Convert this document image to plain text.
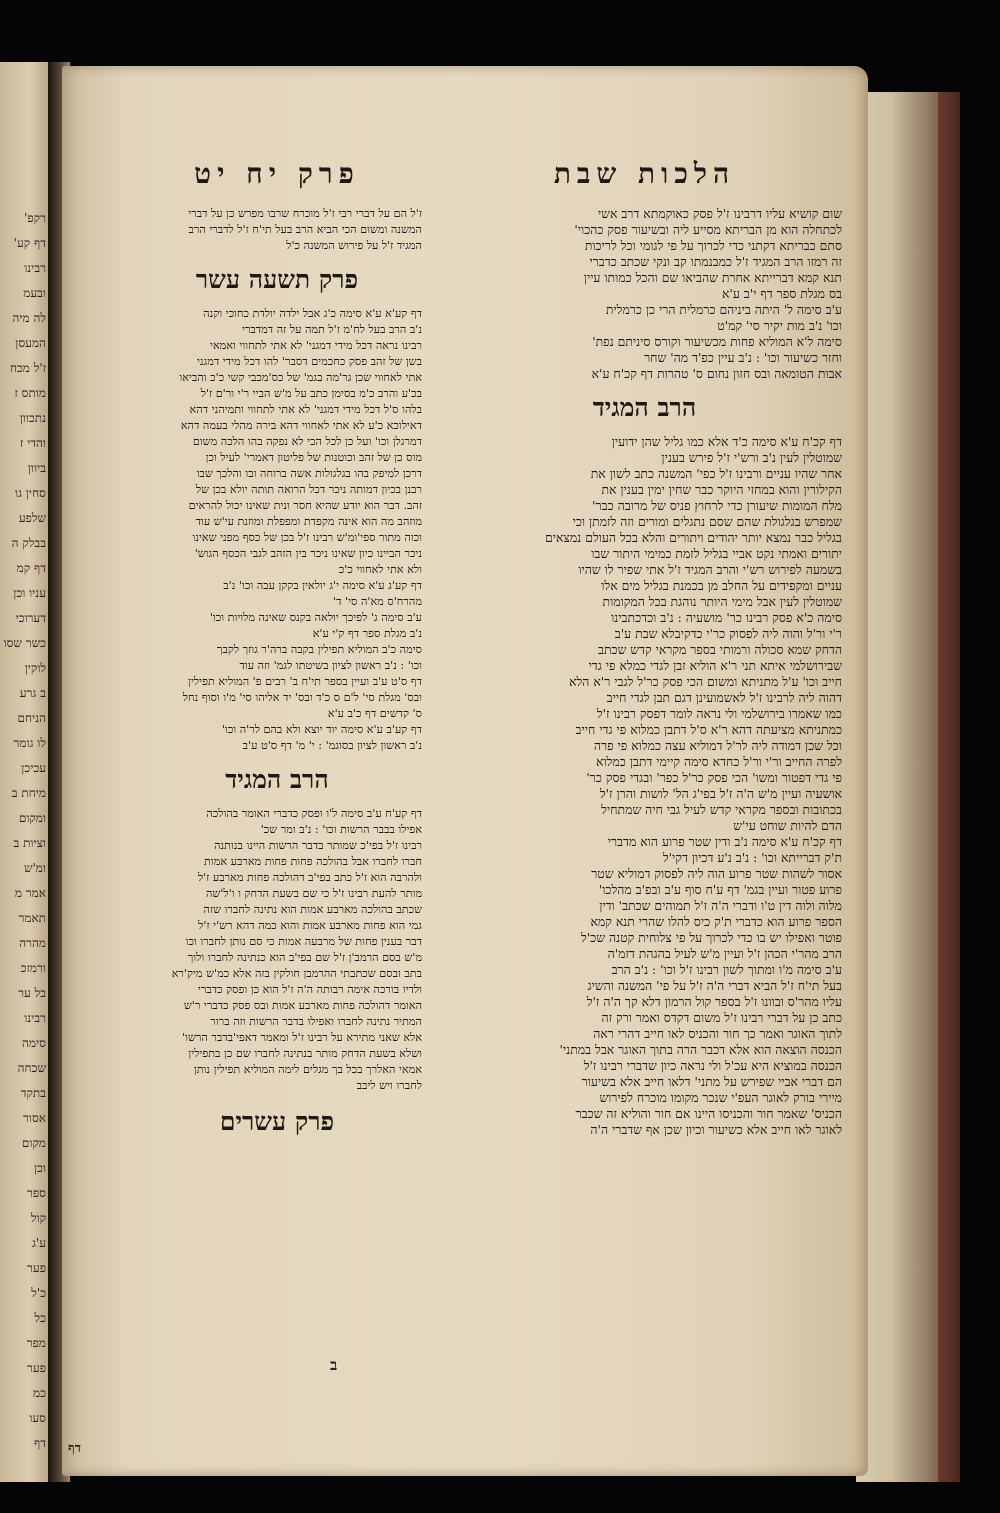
רקפ'
דף קע'
רבינו
ובעמ
לה מיה
המעסן
ז'ל מכח
מותס ז
נתכוון
והדי ז
ביוון
סחין גו
שלפע
בבלק ה
דף קמ
עניו וכן
דערוכי
כשר שסו
לוקין
ב גרע
הניחם
לו גומר
עכיכן
מיחת ב
ומקום
וציות ב
ומ'ש
אמר מ
תאמר
מהרה
ורמזכ
בל ער
רבינו
סימה
שכחה
בתקד
אסור
מקום
וכן
ספר
קול
ע'ג
פער
כ'ל
כל
מפר
פער
כמ
סעו
דף
הלכות שבת
שום קושיא עליו דרבינו ז'ל פסק כאוקמתא דרב אשי
לכתחלה הוא מן הבריתא מסייע ליה ובשיעור פסק כהכוי'
סתם כבריתא דקתני כדי לכרוך על פי לגומי וכל לריכות
זה רמזו הרב המגיד ז'ל כמבנמתו קב ונקי שכתב כדברי
תנא קמא דברייתא אחרת שהביאו שם והכל כמותו עיין
בס מגלת ספר דף י'ב ע'א
ע'ב סימה ל' היתה ביניהם כרמלית הרי כן כרמלית
וכו' נ'ב מות יקיר סי' קמ'ט
סימה ל'א המוליא פחות מכשיעור וקורס סיניתם נפת'
וחזר כשיעור וכו' : נ'ב עיין כפ'ד מה' שחר
אבות הטומאה ובס חזון נחום ס' טהרות דף קכ'ח ע'א
הרב המגיד
דף קכ'ח ע'א סימה כ'ד אלא כמו גליל שהן ידועין
שמוטלין לעין נ'ב ורש'י ז'ל פירש בענין
אחר שהיו עניים ורבינו ז'ל כפי' המשנה כתב לשון את
הקילורין והוא במחזי היוקר כבר שחין ימין בענין את
מלח המומות שיעורן כדי לרחוץ פניס של מרובה כבר'
שמפרש בגלגולת שהם שסם נתגלים ומורים וזה לזמתן וכי
בגליל כבר נמצא יותר יהודים ויתורים והלא בכל העולם נמצאים
יתורים ואמתי נקט אביי בגליל לזמת כמימי היתור שבו
בשמעה לפירוש רש'י והרב המגיד ז'ל אתי שפיר לו שהיו
עניים ומקפידים על החלב מן בכמנת בגליל מים אלו
שמוטלין לעין אבל מימי היותר נוהגת בכל המקומות
סימה כ'א פסק רבינו כר' מושעיה : נ'ב וכדכתבינו
ר'י ור'ל והוה ליה לפסוק כר'י כדקיבלא שבת ע'ב
הדחק שמא סכולה ורמותי בספר מקראי קדש שכתב
שבירושלמי איתא תני ר'א הוליא זבן לגדי כמלא פי גדי
חייב וכו' ע'ל מתניתא ומשום הכי פסק כר'ל לגבי ר'א הלא
דהוה ליה לרבינו ז'ל לאשמועינן דגם תבן לגדי חייב
כמו שאמרו בירושלמי ולי נראה לומר דפסק רבינו ז'ל
כמתניתא מציעתה דהא ר'א ס'ל דתבן כמלוא פי גדי חייב
וכל שכן דמודה ליה לר'ל דמוליא עצה כמלוא פי פרה
לפרה החייב ור'י ור'ל כחדא סימה קיימי דתבן כמלוא
פי גדי דפטור ומשו' הכי פסק כר'ל כפר' ובגדי פסק כר'
אושעיה ועיין מ'ש ה'ה ז'ל בפי'ג הל' לושות והרן ז'ל
בכתובות ובספר מקראי קדש לעיל גבי חיה שמתחיל
הדם להיות שוחט עי'ש
דף קכ'ח ע'א סימה נ'ב ודין שטר פרוע הוא מדברי
ת'ק דברייתא וכו' : נ'ב נ'ע דכיון דקי'ל
אסור לשהות שטר פרוע הוה ליה לפסוק דמוליא שטר
פרוע פטור ועיין בגמ' דף ע'ח סוף ע'ב ובפ'ב מהלכו'
מלוה ולוה דין ט'ו ודברי ה'ה ז'ל תמוהים שכתב' ודין
הספר פרוע הוא כדברי ת'ק כיס להלו שהרי תנא קמא
פוטר ואפילו יש בו כדי לכרוך על פי צלוחית קטנה שכ'ל
הרב מהר'י הכהן ז'ל ועיין מ'ש לעיל בהגהת דזמ'ה
ע'ב סימה מ'ו ומתוך לשון רבינו ז'ל וכו' : נ'ב הרב
בעל תי'ח ז'ל הביא דברי ה'ה ז'ל על פי' המשנה והשיג
עליו מהר'ס ובוונו ז'ל בספר קול הרמון דלא קך ה'ה ז'ל
כתב כן על דברי רבינו ז'ל משום דקדס ואמר ורק זה
לתוך האוגר ואמר כך חור והכניס לאו חייב דהרי ראה
הכנסה הוצאה הוא אלא דכבר הרה בתוך האוגר אבל במתני'
הכנסה במוציא היא עכ'ל ולי נראה כיון שדברי רבינו ז'ל
הם דברי אביי שפירש על מתני' דלאו חייב אלא בשיעור
מיירי בורק לאוגר העפ'י שנכר מקומו מוכרח לפירוש
הכניס' שאמר חור והכניסו היינו אם חור והוליא זה שכבר
לאוגר לאו חייב אלא כשיעור וכיון שכן אף שדברי ה'ה
פרק יח יט
ז'ל הם על דברי רבי ז'ל מוכרח שרבו מפרש כן על דברי
המשנה ומשום הכי הביא הרב בעל תי'ח ז'ל לדברי הרב
המגיד ז'ל על פירוש המשנה כ'ל
פרק תשעה עשר
דף קע'א ע'א סימה כ'ג אבל ילדה יולדת כחוכי וקנה
נ'ב הרב בעל לח'מ ז'ל תמה על זה דמדברי
רבינו נראה דכל מידי דמגני' לא אתי לתחווי ואמאי
בשן של זהב פסק כחכמים דסבר' להו דכל מידי דמגני
אתי לאחווי שכן גר'מה בגמ' של כס'מכבי קשי כ'כ והביאו
בכ'ע והרב כ'מ בסימן כתב על מ'ש הביי ר'י ור'ם ז'ל
בלהו ס'ל דכל מידי דמגני' לא אתי לתחווי ותמיהני דהא
דאילוכא כ'ע לא אתי לאחווי דהא בירה מהלי בעמה דהא
דמרגלן וכו' ועל כן לכל הכי לא נפקה בהו הלכה משום
מוס כן של זהב וכוטנות של פליטון דאמרי' לעיל וכן
דרכן למיפק בהו בגלגולות אשה ברוחה ובו והלכך שבו
רבנן בכיון דמותה ניכר דכל הרואה תותה יולא בכן של
זהב. דבר הוא יודע שהיא חסר ונית שאינו יכול להראים
מוזהב מה הוא אינה מקפדת ומפפלת ומוזנת עי'ש עוד
וכוה מתור ספי'ומ'ש רבינו ז'ל בכן של כסף מפני שאינו
ניכר הביינו כיון שאינו ניכר בין הזהב לגבי הכסף הגוש'
ולא אתי לאחווי כ'כ
דף קע'ג ע'א סימה י'ג יולאין בקקן עבה וכו' נ'ב
מהרח'ס מא'ה סי' ד'
ע'ב סימה ג' לפיכך יולאה בקנס שאינה מלויות וכו'
נ'ב מגלת ספר דף ק'י ע'א
סימה כ'ב המוליא תפילין בקבה ברה'ר גוזך לקבך
וכו' : נ'ב ראשון לציון בשיטתו לגמ' וזה עוד
דף ס'ט ע'ב ועיין בספר תי'ח ב' רבים פ' המוליא תפילין
ובס' מגלת סי' ל'ם ס כ'ד ובס' יד אליהו סי' מ'ו וסוף נחל
ס' קדשים דף כ'ב ע'א
דף קע'ב ע'א סימה יוד יוצא ולא בהם לר'ה וכו'
נ'ב ראשון לציון בסוגמ' : י' מ' דף ס'ט ע'ב
הרב המגיד
דף קע'ח ע'ב סימה ל'ו ופסק כדברי האומר בהולכה
אפילו בבבר הרשות וכו' : נ'ב ומר שכ'
רבינו ז'ל בפי'כ שמותר בדבר הרשות היינו בנותנה
חברו לחברו אבל בהולכה פחות פחות מארבע אמות
ולהרבה הוא ז'ל כתב בפי'ב דהולכה פחות מארבע ז'ל
מותר להעת רבינו ז'ל כי שם בשעת הדחק ו ו'ל'שה
שכתב בהולכה מארבע אמות הוא נתינה לחברו שזה
גמי הוא פחות מארבע אמות והוא כמה דהא רש'י ז'ל
דבר בענין פחות של מרבעה אמות כי סם נותן לחברו וכו
מ'ש בסם הרמב'ן ז'ל שם בפי'ב הוא כנתינה לחברו ולוך
בתב ובסם שכתבתי ההרמבן חולקין בזה אלא כמ'ש מיק'רא
ולדיו בורכה אימה רבותה ה'ה ז'ל הוא כן ופסק כדברי
האומר דהולכה פחות מארבע אמות ובס פסק כדברי ר'ש
המתיר נתינה לחברו ואפילו בדבר הרשות וזה ברור
אלא שאני מתירא על רבינו ז'ל ומאמר דאפי'בדבר הרשו'
ושלא בשעת הדחק מותר בנתינה לחברו שם כן בתפילין
אמאי האלרך בכל בך מגלים לימה המוליא תפילין נותן
לחברו ויש ליבב
פרק עשרים
ב
דף
